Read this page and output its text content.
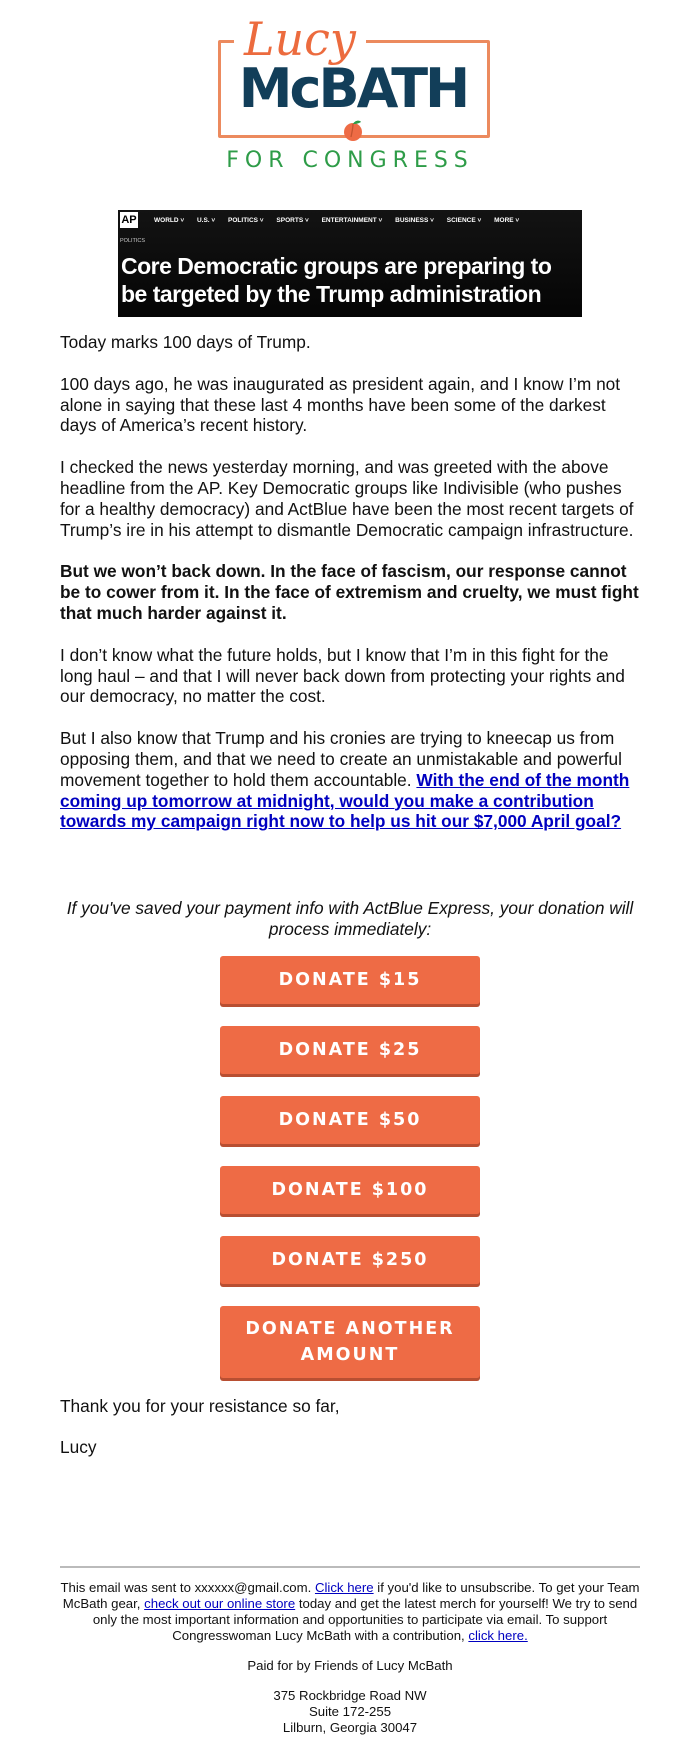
Lucy
McBATH
FOR CONGRESS
AP	WORLD ˅ U.S. ˅ POLITICS ˅ SPORTS ˅ ENTERTAINMENT ˅ BUSINESS ˅ SCIENCE ˅ MORE ˅
POLITICS
Core Democratic groups are preparing to be targeted by the Trump administration

Today marks 100 days of Trump.

100 days ago, he was inaugurated as president again, and I know I’m not alone in saying that these last 4 months have been some of the darkest days of America’s recent history.

I checked the news yesterday morning, and was greeted with the above headline from the AP. Key Democratic groups like Indivisible (who pushes for a healthy democracy) and ActBlue have been the most recent targets of Trump’s ire in his attempt to dismantle Democratic campaign infrastructure.

But we won’t back down. In the face of fascism, our response cannot be to cower from it. In the face of extremism and cruelty, we must fight that much harder against it.

I don’t know what the future holds, but I know that I’m in this fight for the long haul – and that I will never back down from protecting your rights and our democracy, no matter the cost.

But I also know that Trump and his cronies are trying to kneecap us from opposing them, and that we need to create an unmistakable and powerful movement together to hold them accountable. With the end of the month coming up tomorrow at midnight, would you make a contribution towards my campaign right now to help us hit our $7,000 April goal?

If you've saved your payment info with ActBlue Express, your donation will process immediately:
DONATE $15
DONATE $25
DONATE $50
DONATE $100
DONATE $250
DONATE ANOTHER AMOUNT
Thank you for your resistance so far,
Lucy

This email was sent to xxxxxx@gmail.com. Click here if you'd like to unsubscribe. To get your Team McBath gear, check out our online store today and get the latest merch for yourself! We try to send only the most important information and opportunities to participate via email. To support Congresswoman Lucy McBath with a contribution, click here.

Paid for by Friends of Lucy McBath

375 Rockbridge Road NW
Suite 172-255
Lilburn, Georgia 30047
